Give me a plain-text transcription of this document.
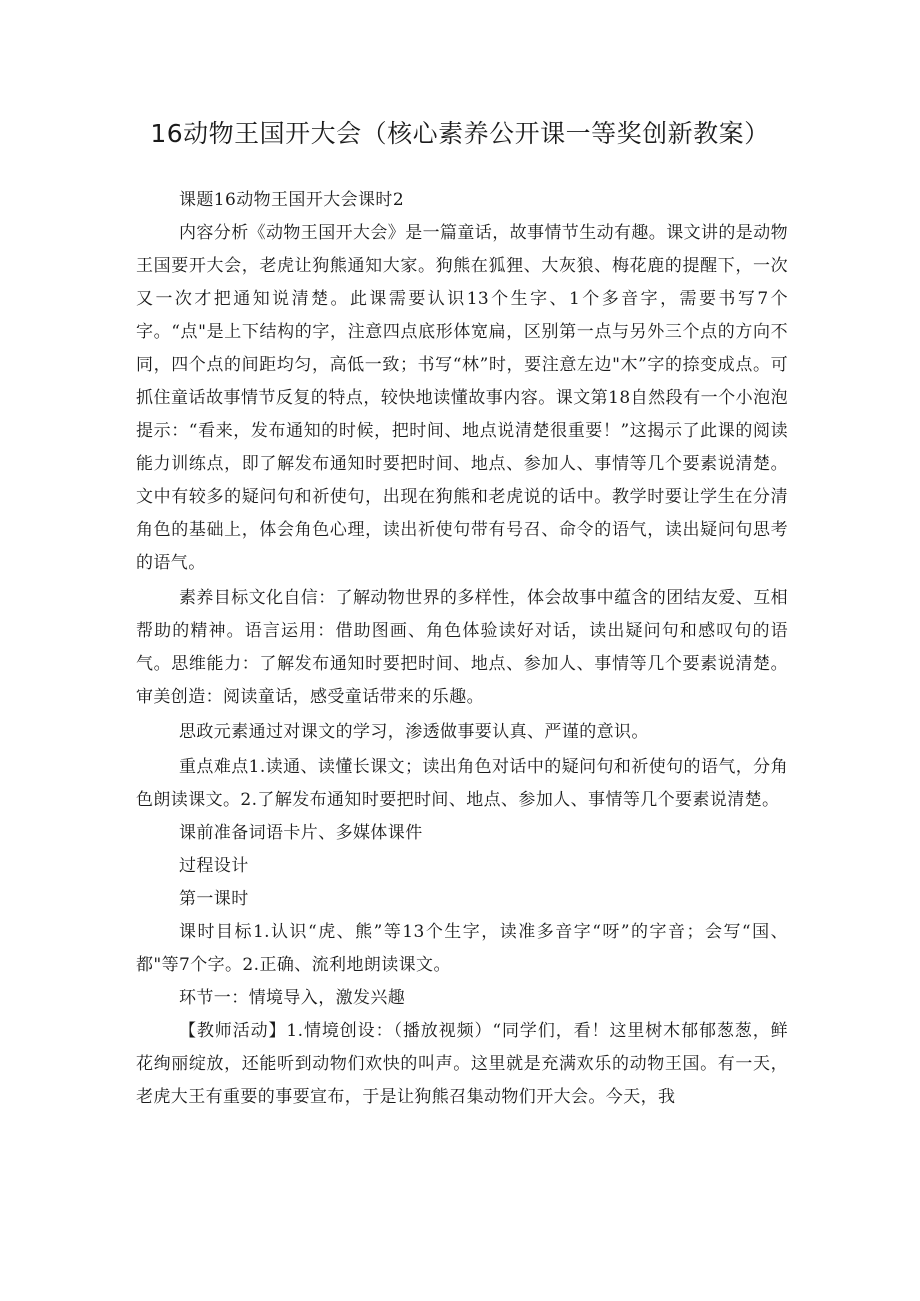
16动物王国开大会（核心素养公开课一等奖创新教案）

课题16动物王国开大会课时2

内容分析《动物王国开大会》是一篇童话，故事情节生动有趣。课文讲的是动物王国要开大会，老虎让狗熊通知大家。狗熊在狐狸、大灰狼、梅花鹿的提醒下，一次又一次才把通知说清楚。此课需要认识13个生字、1个多音字，需要书写7个字。“点"是上下结构的字，注意四点底形体宽扁，区别第一点与另外三个点的方向不同，四个点的间距均匀，高低一致；书写“林”时，要注意左边"木”字的捺变成点。可抓住童话故事情节反复的特点，较快地读懂故事内容。课文第18自然段有一个小泡泡提示：“看来，发布通知的时候，把时间、地点说清楚很重要！”这揭示了此课的阅读能力训练点，即了解发布通知时要把时间、地点、参加人、事情等几个要素说清楚。文中有较多的疑问句和祈使句，出现在狗熊和老虎说的话中。教学时要让学生在分清角色的基础上，体会角色心理，读出祈使句带有号召、命令的语气，读出疑问句思考的语气。

素养目标文化自信：了解动物世界的多样性，体会故事中蕴含的团结友爱、互相帮助的精神。语言运用：借助图画、角色体验读好对话，读出疑问句和感叹句的语气。思维能力：了解发布通知时要把时间、地点、参加人、事情等几个要素说清楚。审美创造：阅读童话，感受童话带来的乐趣。

思政元素通过对课文的学习，渗透做事要认真、严谨的意识。

重点难点1.读通、读懂长课文；读出角色对话中的疑问句和祈使句的语气，分角色朗读课文。2.了解发布通知时要把时间、地点、参加人、事情等几个要素说清楚。

课前准备词语卡片、多媒体课件

过程设计

第一课时

课时目标1.认识“虎、熊”等13个生字，读准多音字“呀”的字音；会写“国、都"等7个字。2.正确、流利地朗读课文。

环节一：情境导入，激发兴趣

【教师活动】1.情境创设：（播放视频）“同学们，看！这里树木郁郁葱葱，鲜花绚丽绽放，还能听到动物们欢快的叫声。这里就是充满欢乐的动物王国。有一天，老虎大王有重要的事要宣布，于是让狗熊召集动物们开大会。今天，我
